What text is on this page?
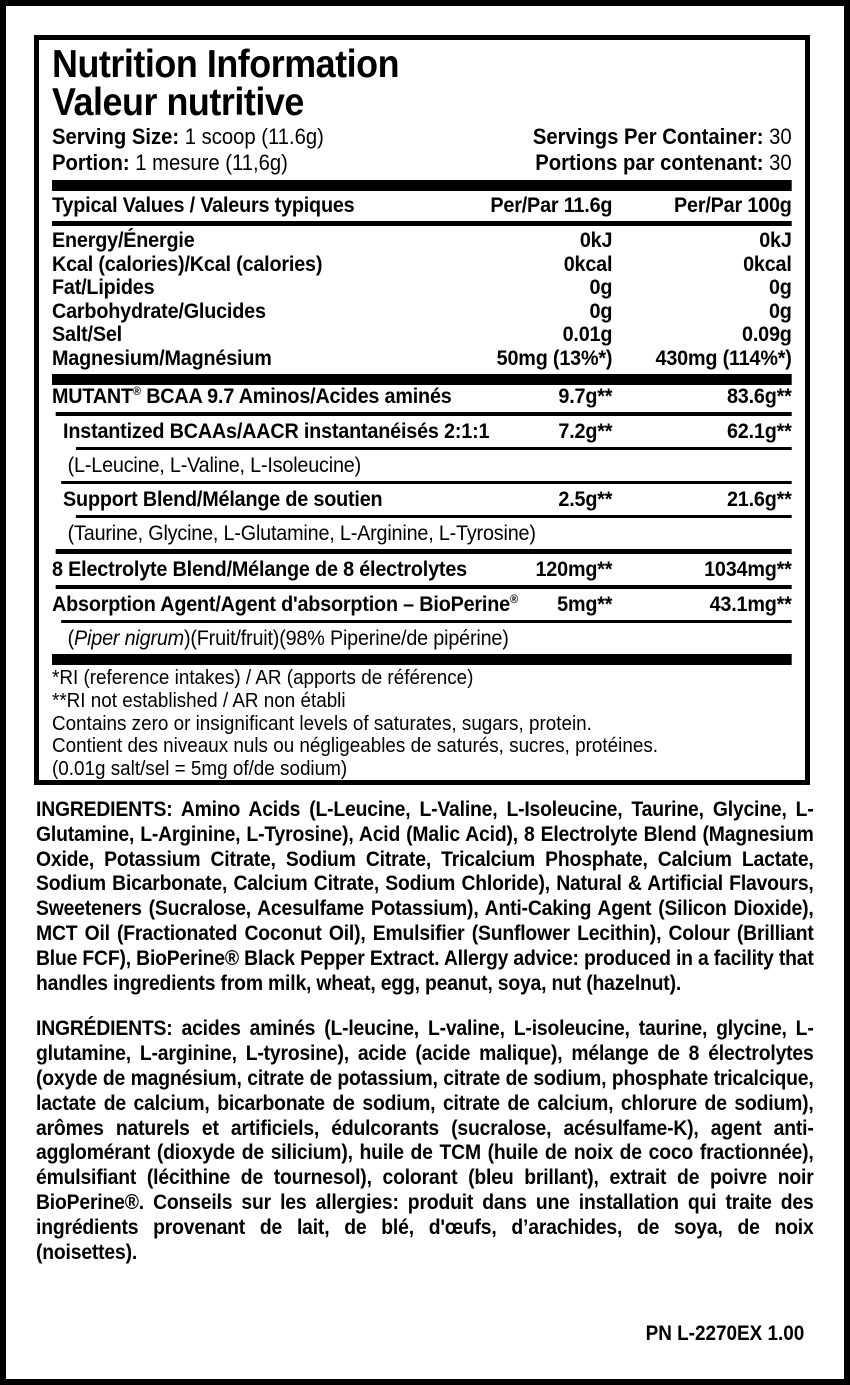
Nutrition Information
Valeur nutritive
Serving Size: 1 scoop (11.6g)
Portion: 1 mesure (11,6g)
Servings Per Container: 30
Portions par contenant: 30
Typical Values / Valeurs typiques	Per/Par 11.6g	Per/Par 100g
Energy/Énergie	0kJ	0kJ
Kcal (calories)/Kcal (calories)	0kcal	0kcal
Fat/Lipides	0g	0g
Carbohydrate/Glucides	0g	0g
Salt/Sel	0.01g	0.09g
Magnesium/Magnésium	50mg (13%*)	430mg (114%*)
MUTANT® BCAA 9.7 Aminos/Acides aminés	9.7g**	83.6g**
Instantized BCAAs/AACR instantanéisés 2:1:1	7.2g**	62.1g**
(L-Leucine, L-Valine, L-Isoleucine)
Support Blend/Mélange de soutien	2.5g**	21.6g**
(Taurine, Glycine, L-Glutamine, L-Arginine, L-Tyrosine)
8 Electrolyte Blend/Mélange de 8 électrolytes	120mg**	1034mg**
Absorption Agent/Agent d'absorption – BioPerine®	5mg**	43.1mg**
(Piper nigrum)(Fruit/fruit)(98% Piperine/de pipérine)
*RI (reference intakes) / AR (apports de référence)
**RI not established / AR non établi
Contains zero or insignificant levels of saturates, sugars, protein.
Contient des niveaux nuls ou négligeables de saturés, sucres, protéines.
(0.01g salt/sel = 5mg of/de sodium)

INGREDIENTS: Amino Acids (L-Leucine, L-Valine, L-Isoleucine, Taurine, Glycine, L-Glutamine, L-Arginine, L-Tyrosine), Acid (Malic Acid), 8 Electrolyte Blend (Magnesium Oxide, Potassium Citrate, Sodium Citrate, Tricalcium Phosphate, Calcium Lactate, Sodium Bicarbonate, Calcium Citrate, Sodium Chloride), Natural & Artificial Flavours, Sweeteners (Sucralose, Acesulfame Potassium), Anti-Caking Agent (Silicon Dioxide), MCT Oil (Fractionated Coconut Oil), Emulsifier (Sunflower Lecithin), Colour (Brilliant Blue FCF), BioPerine® Black Pepper Extract. Allergy advice: produced in a facility that handles ingredients from milk, wheat, egg, peanut, soya, nut (hazelnut).

INGRÉDIENTS: acides aminés (L-leucine, L-valine, L-isoleucine, taurine, glycine, L-glutamine, L-arginine, L-tyrosine), acide (acide malique), mélange de 8 électrolytes (oxyde de magnésium, citrate de potassium, citrate de sodium, phosphate tricalcique, lactate de calcium, bicarbonate de sodium, citrate de calcium, chlorure de sodium), arômes naturels et artificiels, édulcorants (sucralose, acésulfame-K), agent anti-agglomérant (dioxyde de silicium), huile de TCM (huile de noix de coco fractionnée), émulsifiant (lécithine de tournesol), colorant (bleu brillant), extrait de poivre noir BioPerine®. Conseils sur les allergies: produit dans une installation qui traite des ingrédients provenant de lait, de blé, d'œufs, d’arachides, de soya, de noix (noisettes).

PN L-2270EX 1.00
